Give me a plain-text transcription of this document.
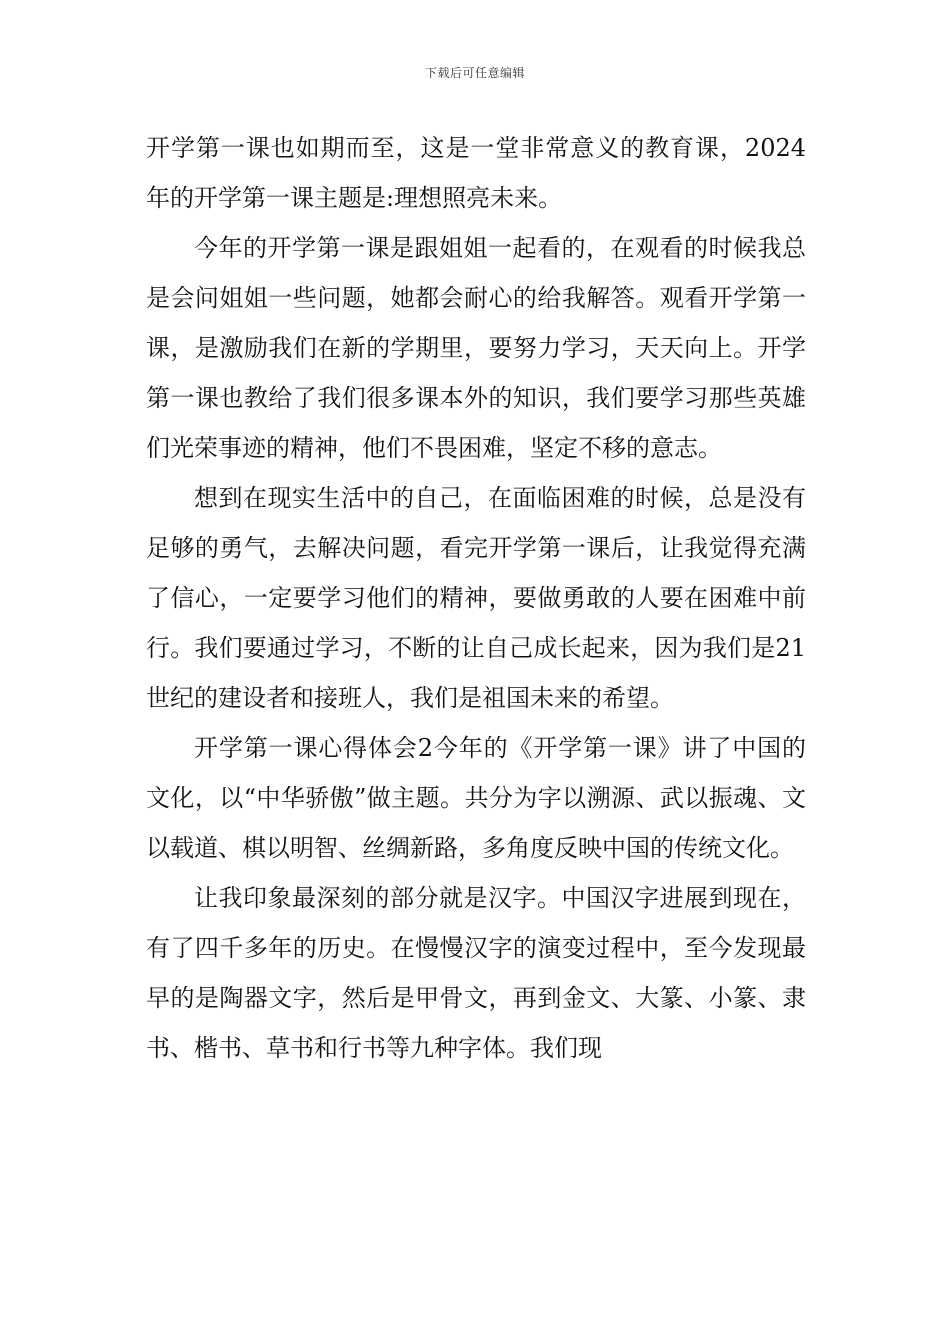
下载后可任意编辑

开学第一课也如期而至，这是一堂非常意义的教育课，2024年的开学第一课主题是:理想照亮未来。

今年的开学第一课是跟姐姐一起看的，在观看的时候我总是会问姐姐一些问题，她都会耐心的给我解答。观看开学第一课，是激励我们在新的学期里，要努力学习，天天向上。开学第一课也教给了我们很多课本外的知识，我们要学习那些英雄们光荣事迹的精神，他们不畏困难，坚定不移的意志。

想到在现实生活中的自己，在面临困难的时候，总是没有足够的勇气，去解决问题，看完开学第一课后，让我觉得充满了信心，一定要学习他们的精神，要做勇敢的人要在困难中前行。我们要通过学习，不断的让自己成长起来，因为我们是21世纪的建设者和接班人，我们是祖国未来的希望。

开学第一课心得体会2今年的《开学第一课》讲了中国的文化，以“中华骄傲”做主题。共分为字以溯源、武以振魂、文以载道、棋以明智、丝绸新路，多角度反映中国的传统文化。

让我印象最深刻的部分就是汉字。中国汉字进展到现在，有了四千多年的历史。在慢慢汉字的演变过程中，至今发现最早的是陶器文字，然后是甲骨文，再到金文、大篆、小篆、隶书、楷书、草书和行书等九种字体。我们现
